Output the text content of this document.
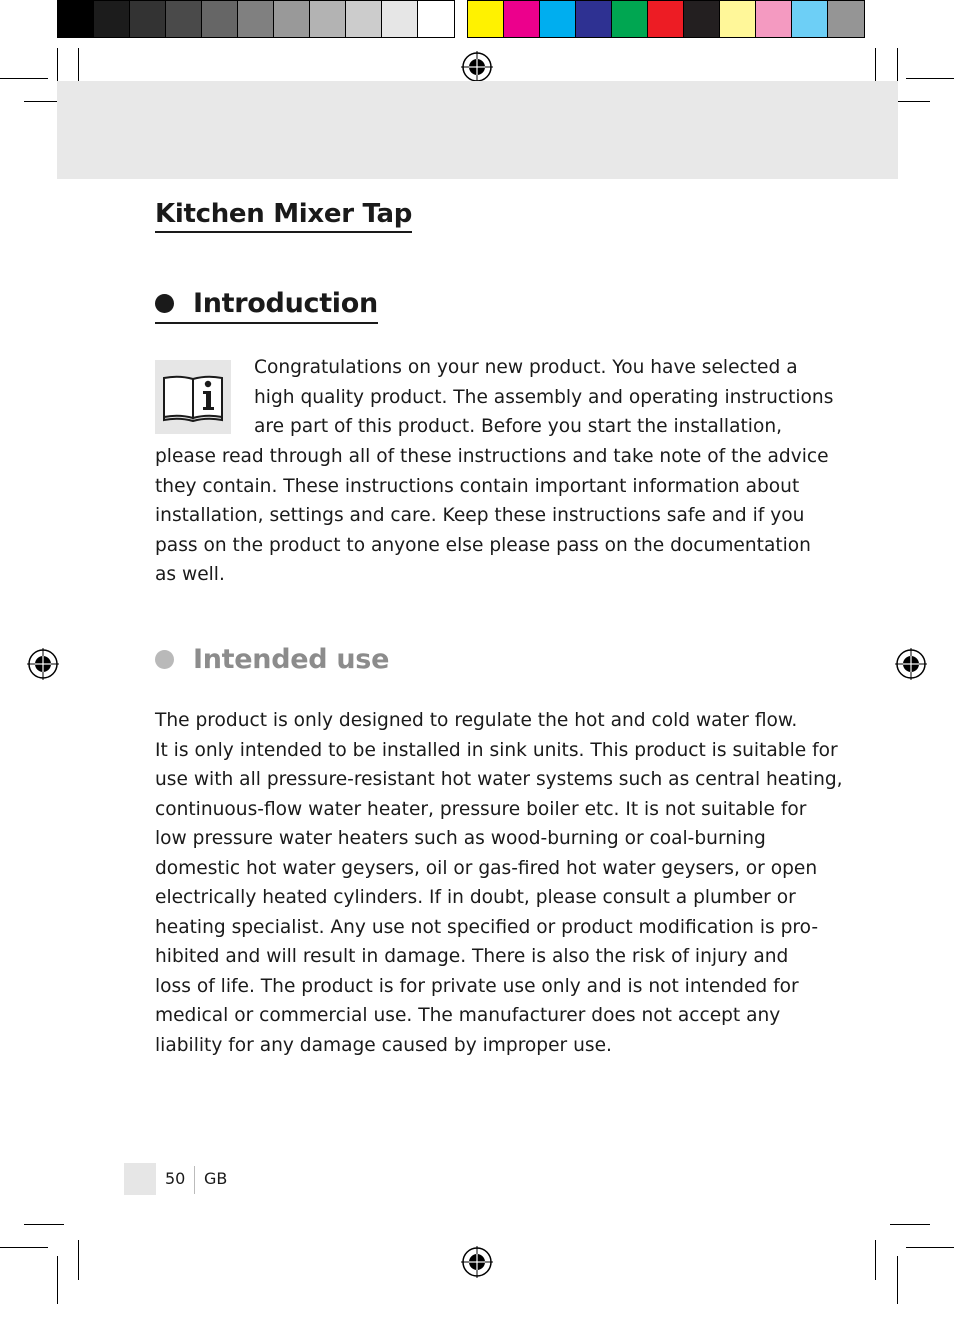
Kitchen Mixer Tap
Introduction
Congratulations on your new product. You have selected a
high quality product. The assembly and operating instructions
are part of this product. Before you start the installation,
please read through all of these instructions and take note of the advice
they contain. These instructions contain important information about
installation, settings and care. Keep these instructions safe and if you
pass on the product to anyone else please pass on the documentation
as well.
Intended use
The product is only designed to regulate the hot and cold water flow.
It is only intended to be installed in sink units. This product is suitable for
use with all pressure-resistant hot water systems such as central heating,
continuous-flow water heater, pressure boiler etc. It is not suitable for
low pressure water heaters such as wood-burning or coal-burning
domestic hot water geysers, oil or gas-fired hot water geysers, or open
electrically heated cylinders. If in doubt, please consult a plumber or
heating specialist. Any use not specified or product modification is pro-
hibited and will result in damage. There is also the risk of injury and
loss of life. The product is for private use only and is not intended for
medical or commercial use. The manufacturer does not accept any
liability for any damage caused by improper use.
50 GB
